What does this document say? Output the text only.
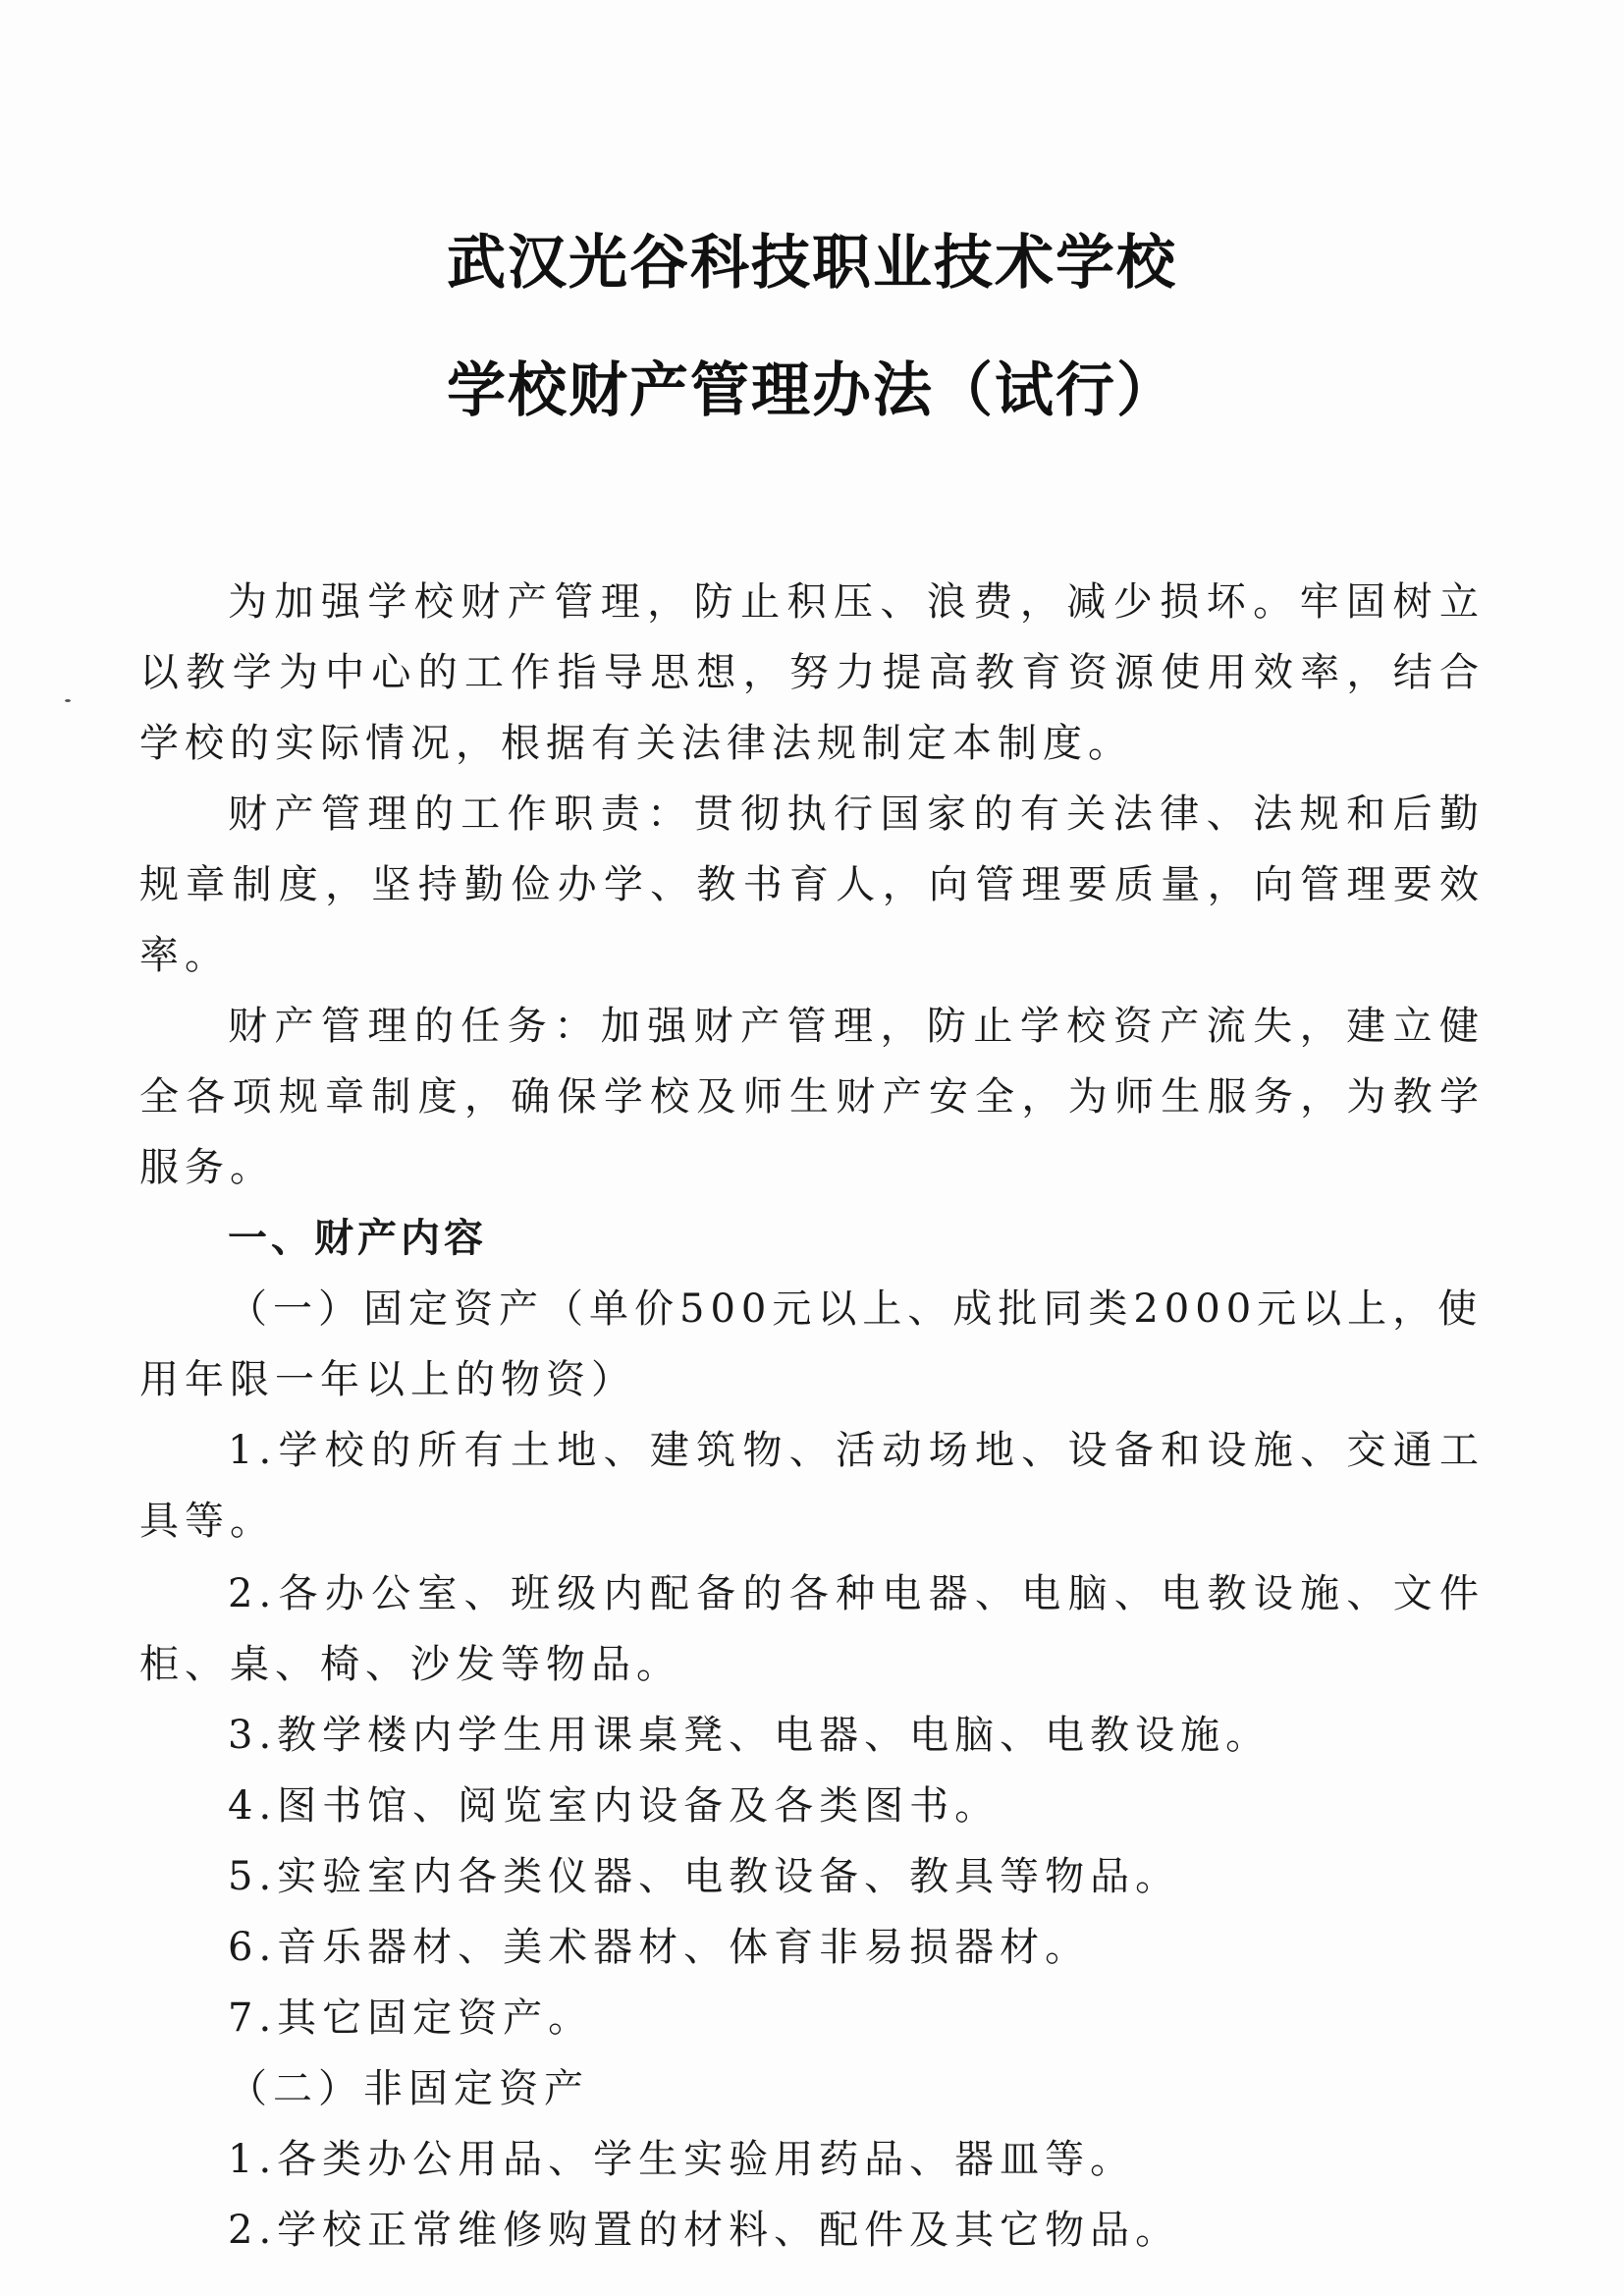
武汉光谷科技职业技术学校

学校财产管理办法（试行）

为加强学校财产管理，防止积压、浪费，减少损坏。牢固树立以教学为中心的工作指导思想，努力提高教育资源使用效率，结合学校的实际情况，根据有关法律法规制定本制度。

财产管理的工作职责：贯彻执行国家的有关法律、法规和后勤规章制度，坚持勤俭办学、教书育人，向管理要质量，向管理要效率。

财产管理的任务：加强财产管理，防止学校资产流失，建立健全各项规章制度，确保学校及师生财产安全，为师生服务，为教学服务。

一、财产内容

（一）固定资产（单价500元以上、成批同类2000元以上，使用年限一年以上的物资）

1.学校的所有土地、建筑物、活动场地、设备和设施、交通工具等。

2.各办公室、班级内配备的各种电器、电脑、电教设施、文件柜、桌、椅、沙发等物品。

3.教学楼内学生用课桌凳、电器、电脑、电教设施。

4.图书馆、阅览室内设备及各类图书。

5.实验室内各类仪器、电教设备、教具等物品。

6.音乐器材、美术器材、体育非易损器材。

7.其它固定资产。

（二）非固定资产

1.各类办公用品、学生实验用药品、器皿等。

2.学校正常维修购置的材料、配件及其它物品。
